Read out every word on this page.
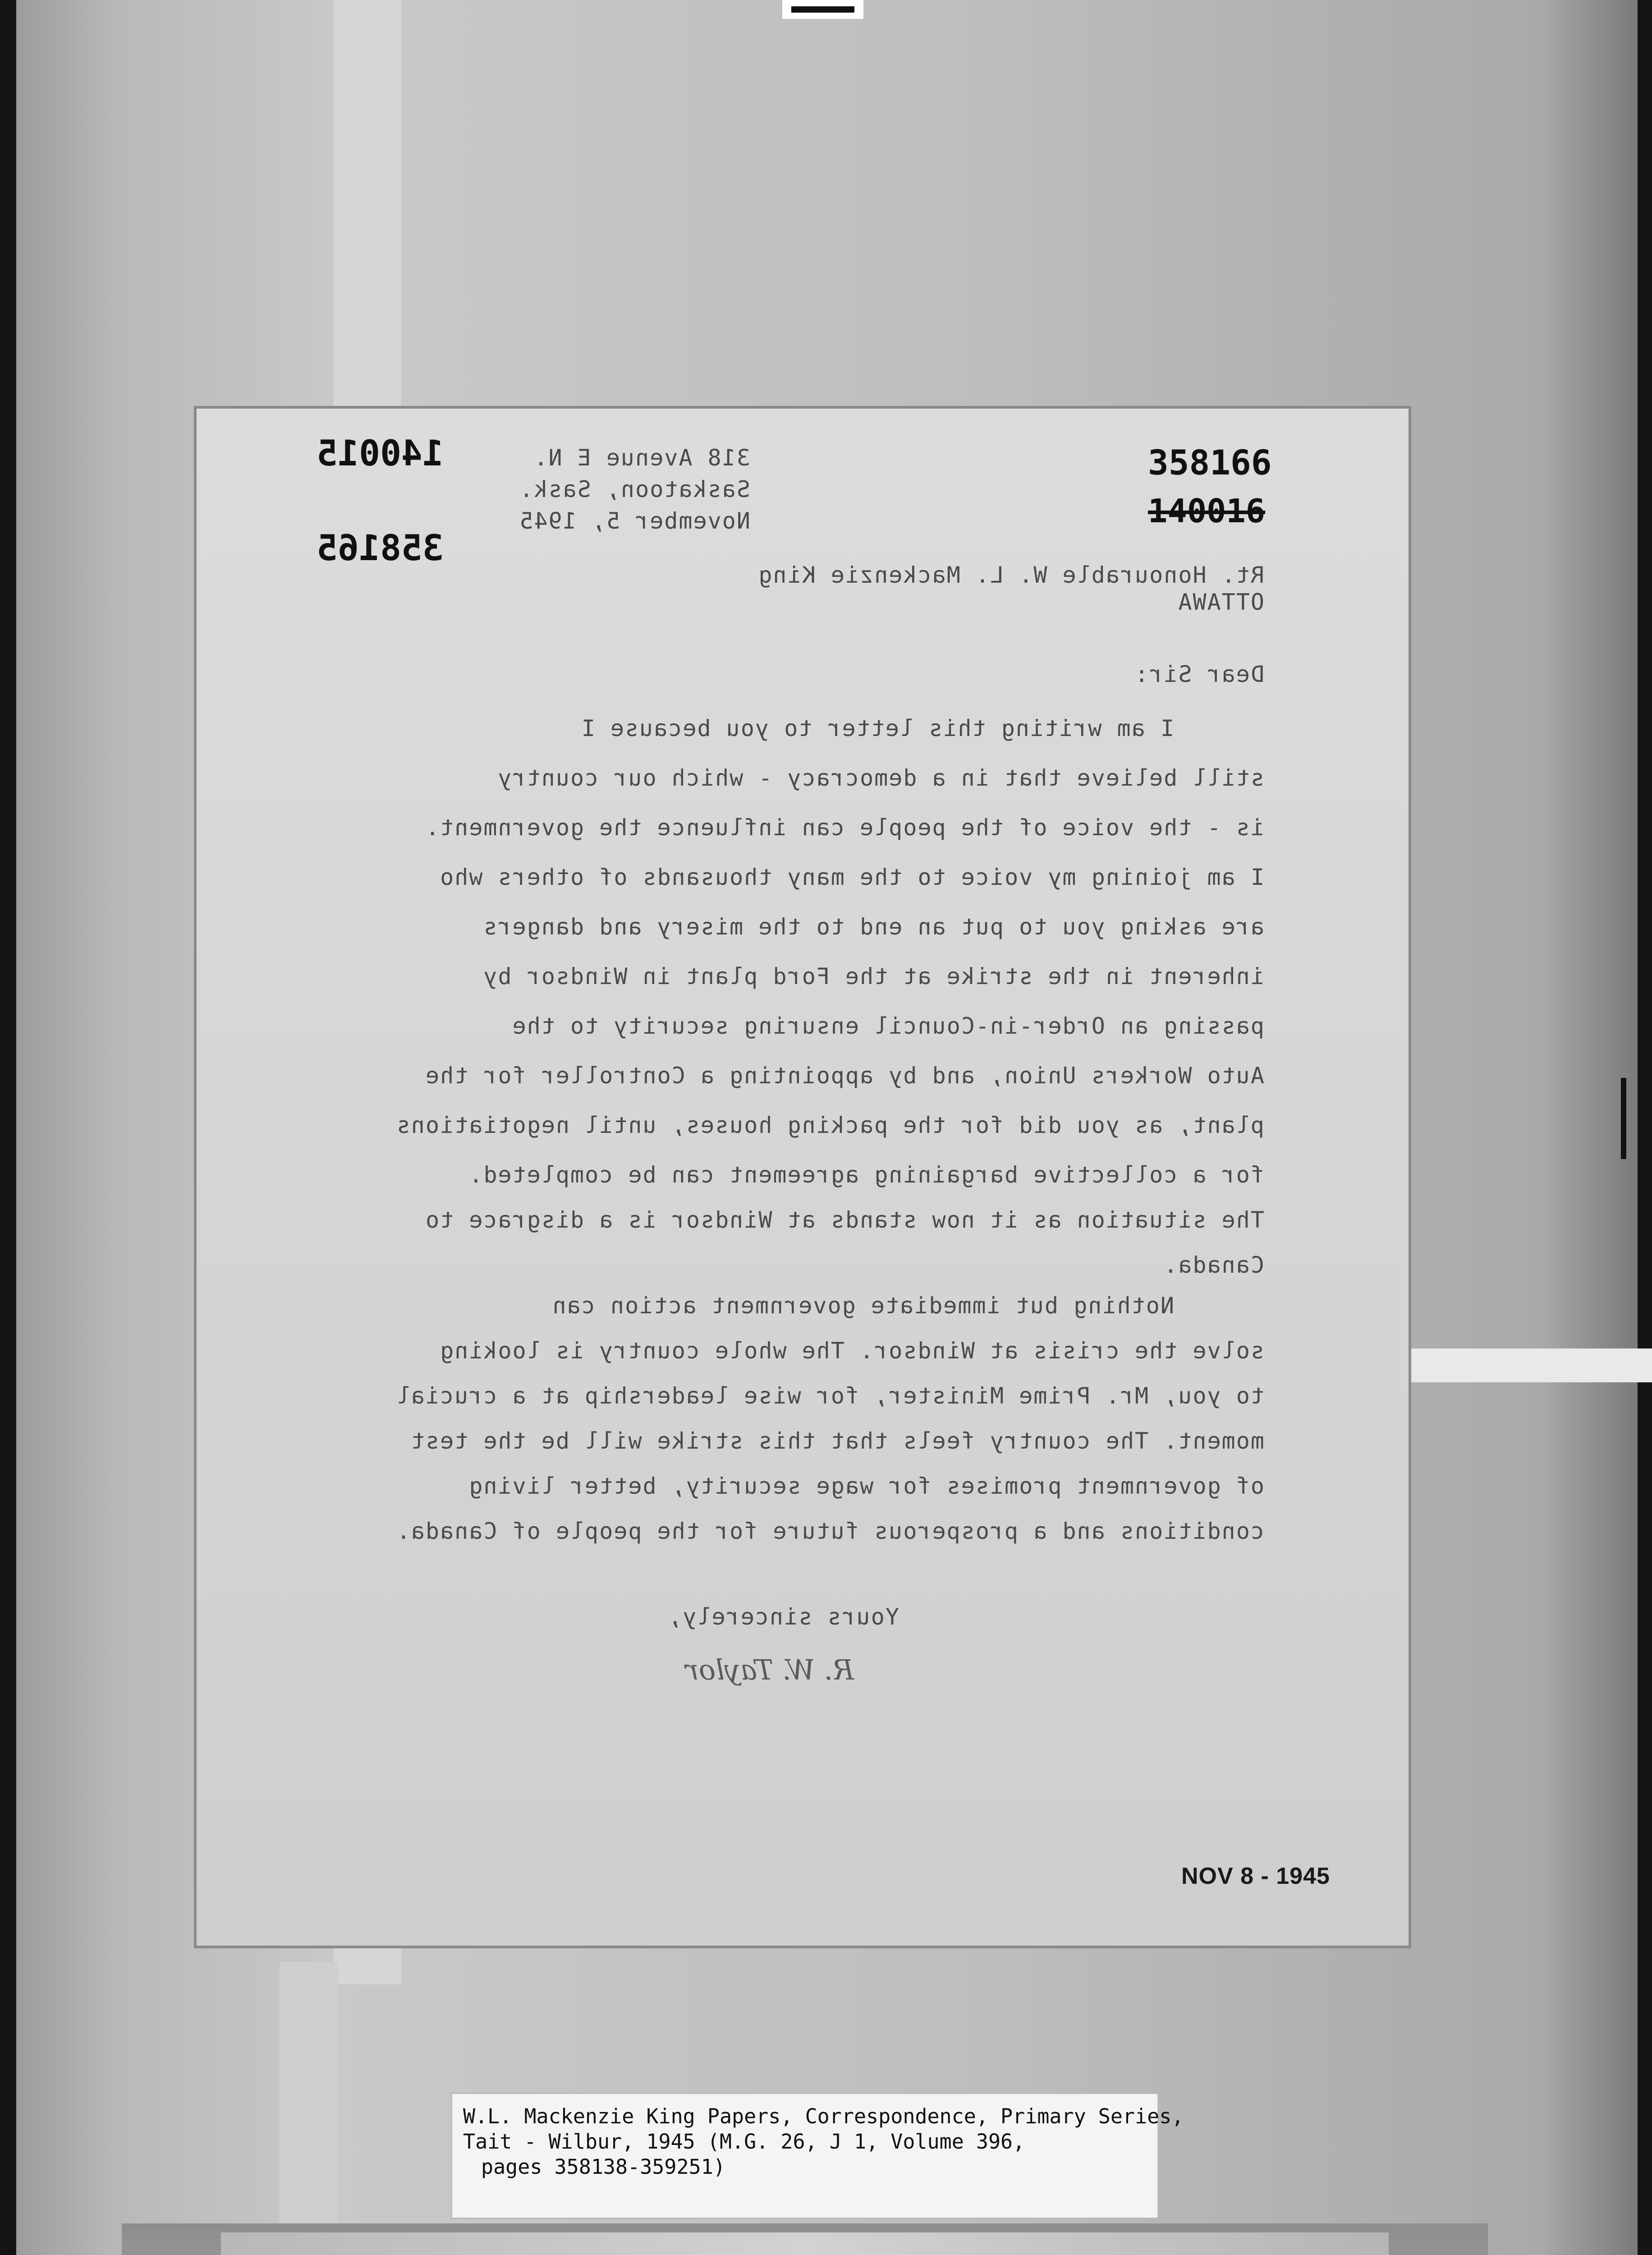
318 Avenue E N.
Saskatoon, Sask.
November 5, 1945
Rt. Honourable W. L. Mackenzie King
OTTAWA
Dear Sir:
I am writing this letter to you because I
still believe that in a democracy - which our country
is - the voice of the people can influence the government.
I am joining my voice to the many thousands of others who
are asking you to put an end to the misery and dangers
inherent in the strike at the Ford plant in Windsor by
passing an Order-in-Council ensuring security to the
Auto Workers Union, and by appointing a Controller for the
plant, as you did for the packing houses, until negotiations
for a collective bargaining agreement can be completed.
The situation as it now stands at Windsor is a disgrace to
Canada.
Nothing but immediate government action can
solve the crisis at Windsor. The whole country is looking
to you, Mr. Prime Minister, for wise leadership at a crucial
moment. The country feels that this strike will be the test
of government promises for wage security, better living
conditions and a prosperous future for the people of Canada.
Yours sincerely,
R. W. Taylor
140015
358165
358166
140016
NOV 8 - 1945
W.L. Mackenzie King Papers, Correspondence, Primary Series,
Tait - Wilbur, 1945 (M.G. 26, J 1, Volume 396,
pages 358138-359251)
